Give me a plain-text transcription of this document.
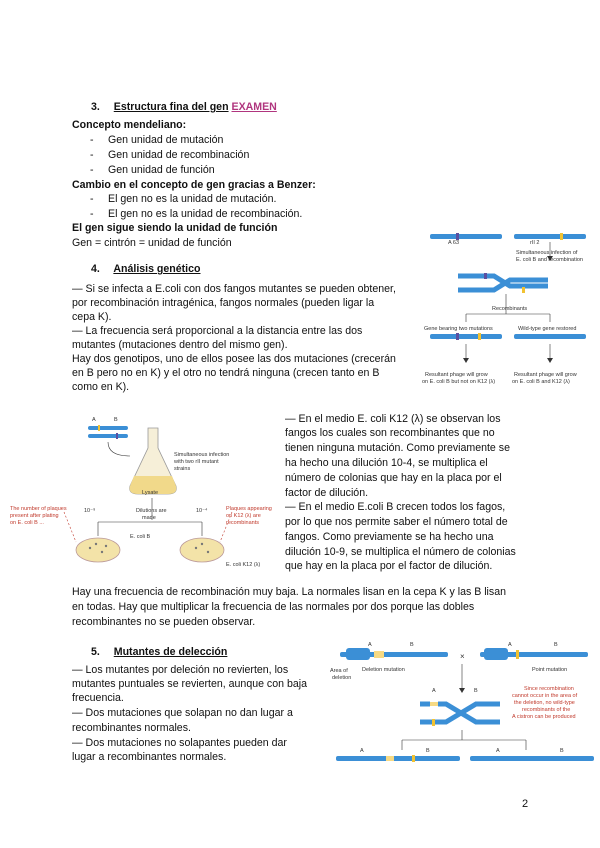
3. Estructura fina del gen EXAMEN
Concepto mendeliano:
- Gen unidad de mutación
- Gen unidad de recombinación
- Gen unidad de función
Cambio en el concepto de gen gracias a Benzer:
- El gen no es la unidad de mutación.
- El gen no es la unidad de recombinación.
El gen sigue siendo la unidad de función
Gen = cintrón = unidad de función
4. Análisis genético
— Si se infecta a E.coli con dos fangos mutantes se pueden obtener,
por recombinación intragénica, fangos normales (pueden ligar la
cepa K).
— La frecuencia será proporcional a la distancia entre las dos
mutantes (mutaciones dentro del mismo gen).
Hay dos genotipos, uno de ellos posee las dos mutaciones (crecerán
en B pero no en K) y el otro no tendrá ninguna (crecen tanto en B
como en K).
A 63	rII 2
Simultaneous infection of
E. coli B and recombination
Recombinants
Gene bearing two mutations	Wild-type gene restored
Resultant phage will grow
on E. coli B but not on K12 (λ)
Resultant phage will grow
on E. coli B and K12 (λ)
A	B
Simultaneous infection
with two rII mutant
strains
Lysate
Dilutions are
made
10⁻⁹	10⁻⁴
E. coli B
E. coli K12 (λ)
The number of plaques
present after plating
on E. coli B ...
Plaques appearing
on K12 (λ) are
recombinants
— En el medio E. coli K12 (λ) se observan los
fangos los cuales son recombinantes que no
tienen ninguna mutación. Como previamente se
ha hecho una dilución 10-4, se multiplica el
número de colonias que hay en la placa por el
factor de dilución.
— En el medio E.coli B crecen todos los fagos,
por lo que nos permite saber el número total de
fangos. Como previamente se ha hecho una
dilución 10-9, se multiplica el número de colonias
que hay en la placa por el factor de dilución.
Hay una frecuencia de recombinación muy baja. La normales lisan en la cepa K y las B lisan
en todas. Hay que multiplicar la frecuencia de las normales por dos porque las dobles
recombinantes no se pueden observar.
5. Mutantes de delección
— Los mutantes por deleción no revierten, los
mutantes puntuales se revierten, aunque con baja
frecuencia.
— Dos mutaciones que solapan no dan lugar a
recombinantes normales.
— Dos mutaciones no solapantes pueden dar
lugar a recombinantes normales.
A	B	A	B
×
Area of
deletion
Deletion mutation	Point mutation
A	B	Since recombination
cannot occur in the area of
the deletion, no wild-type
recombinants of the
A cistron can be produced
A	B	A	B
2
